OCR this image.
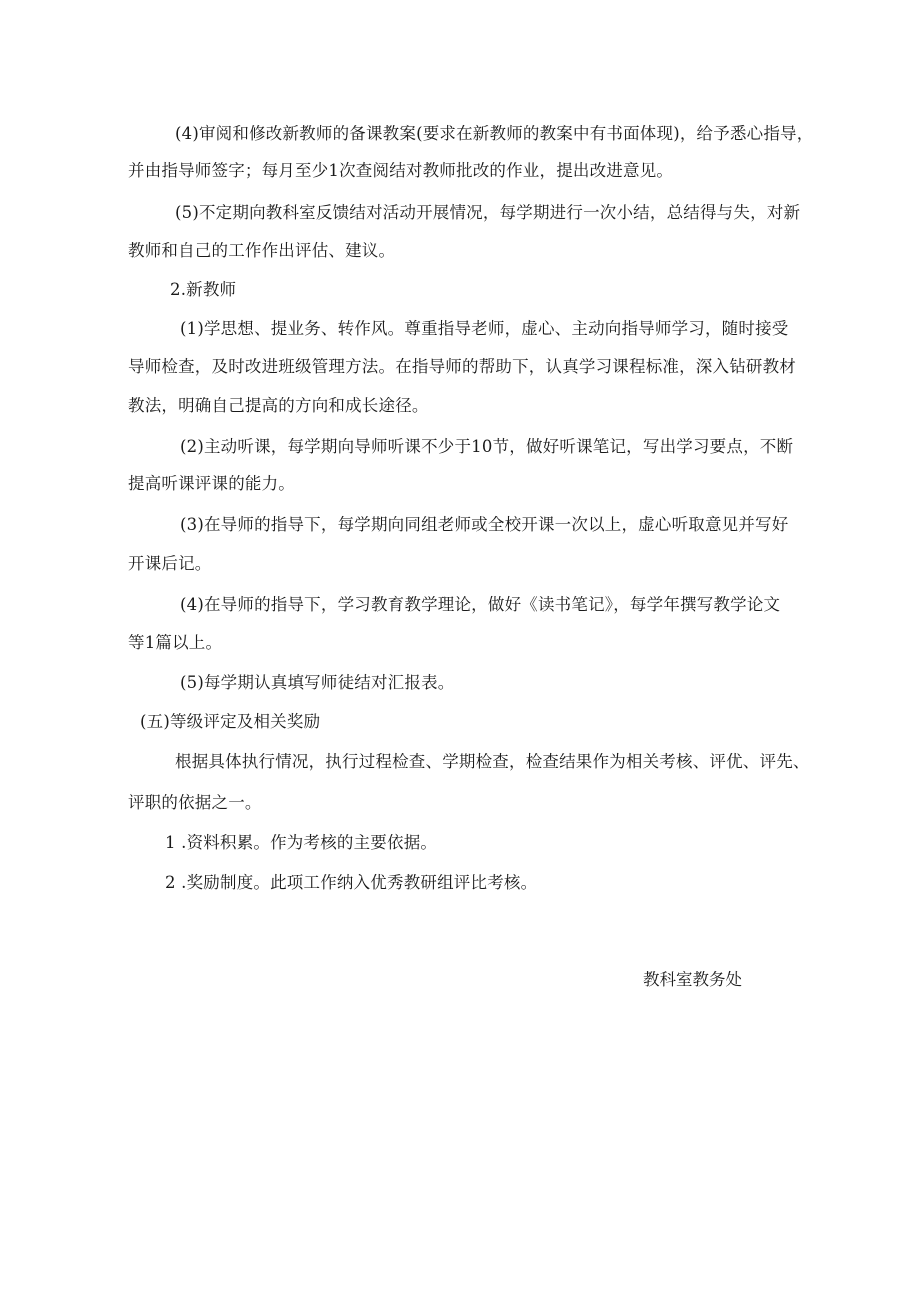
(4)审阅和修改新教师的备课教案(要求在新教师的教案中有书面体现)，给予悉心指导，
并由指导师签字；每月至少1次查阅结对教师批改的作业，提出改进意见。
(5)不定期向教科室反馈结对活动开展情况，每学期进行一次小结，总结得与失，对新
教师和自己的工作作出评估、建议。
2.新教师
(1)学思想、提业务、转作风。尊重指导老师，虚心、主动向指导师学习，随时接受
导师检查，及时改进班级管理方法。在指导师的帮助下，认真学习课程标准，深入钻研教材
教法，明确自己提高的方向和成长途径。
(2)主动听课，每学期向导师听课不少于10节，做好听课笔记，写出学习要点，不断
提高听课评课的能力。
(3)在导师的指导下，每学期向同组老师或全校开课一次以上，虚心听取意见并写好
开课后记。
(4)在导师的指导下，学习教育教学理论，做好《读书笔记》，每学年撰写教学论文
等1篇以上。
(5)每学期认真填写师徒结对汇报表。
(五)等级评定及相关奖励
根据具体执行情况，执行过程检查、学期检查，检查结果作为相关考核、评优、评先、
评职的依据之一。
1 .资料积累。作为考核的主要依据。
2 .奖励制度。此项工作纳入优秀教研组评比考核。
教科室教务处
